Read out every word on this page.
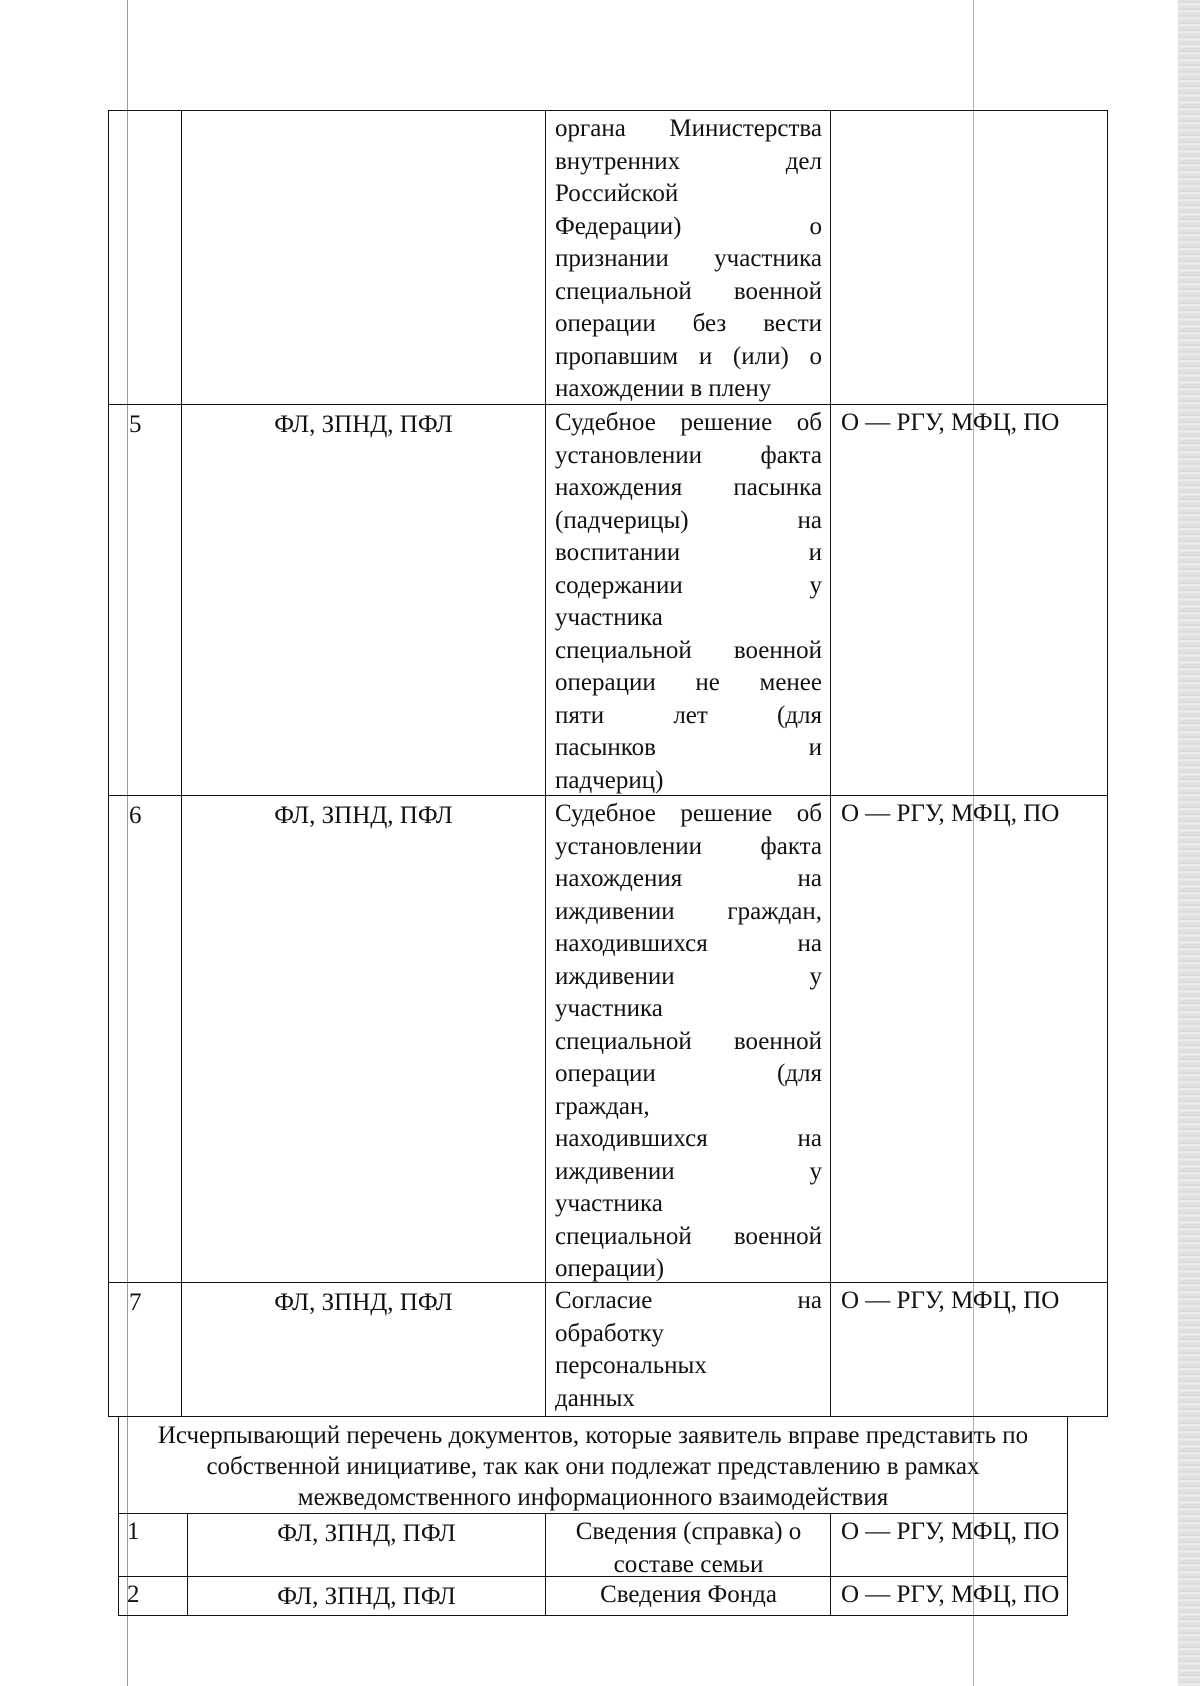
органа Министерства
внутренних дел
Российской
Федерации) о
признании участника
специальной военной
операции без вести
пропавшим и (или) о
нахождении в плену
5	ФЛ, ЗПНД, ПФЛ	Судебное решение об
установлении факта
нахождения пасынка
(падчерицы) на
воспитании и
содержании у
участника
специальной военной
операции не менее
пяти лет (для
пасынков и
падчериц)
О — РГУ, МФЦ, ПО
6	ФЛ, ЗПНД, ПФЛ	Судебное решение об
установлении факта
нахождения на
иждивении граждан,
находившихся на
иждивении у
участника
специальной военной
операции (для
граждан,
находившихся на
иждивении у
участника
специальной военной
операции)
О — РГУ, МФЦ, ПО
7	ФЛ, ЗПНД, ПФЛ	Согласие на
обработку
персональных
данных
О — РГУ, МФЦ, ПО
Исчерпывающий перечень документов, которые заявитель вправе представить по
собственной инициативе, так как они подлежат представлению в рамках
межведомственного информационного взаимодействия
1	ФЛ, ЗПНД, ПФЛ	Сведения (справка) о
составе семьи
О — РГУ, МФЦ, ПО
2	ФЛ, ЗПНД, ПФЛ	Сведения Фонда	О — РГУ, МФЦ, ПО
